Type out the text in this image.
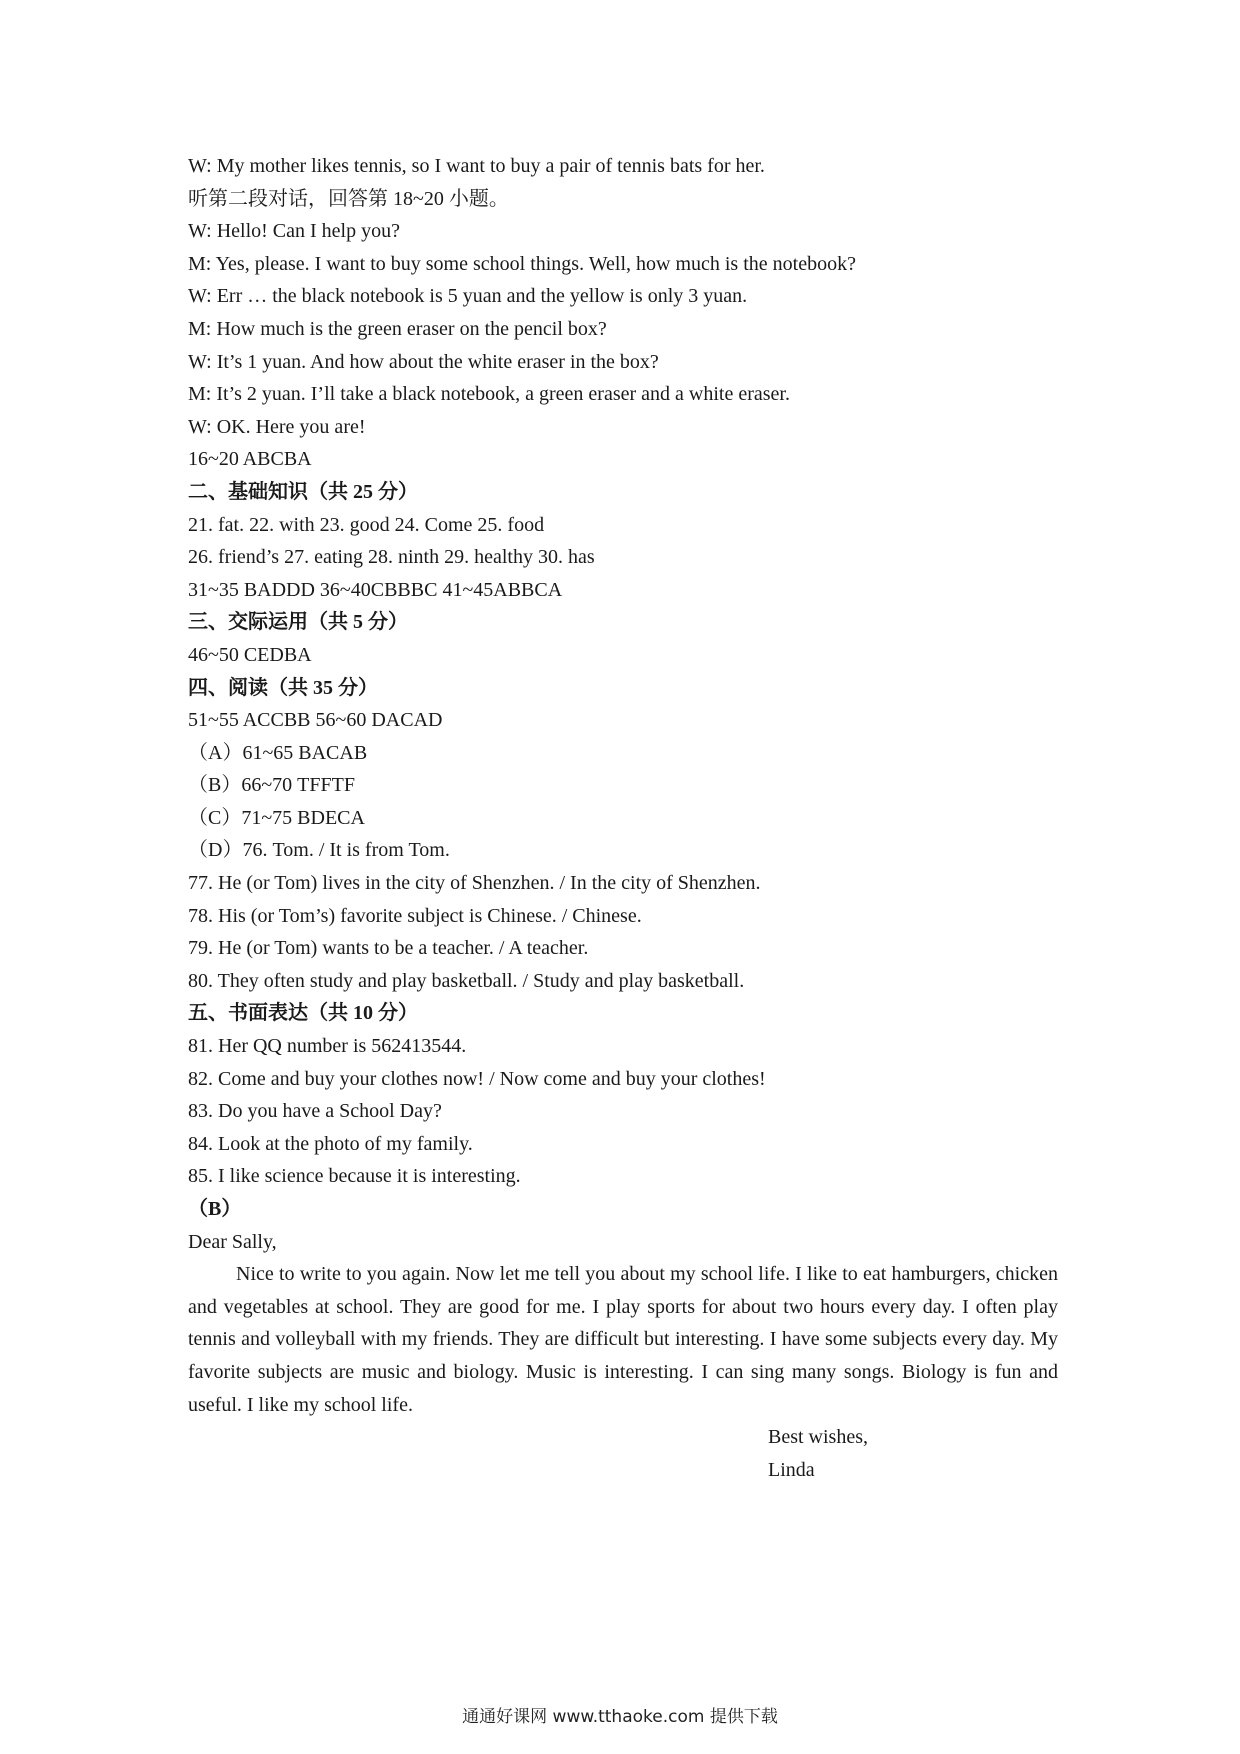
W: My mother likes tennis, so I want to buy a pair of tennis bats for her.
听第二段对话，回答第 18~20 小题。
W: Hello! Can I help you?
M: Yes, please. I want to buy some school things. Well, how much is the notebook?
W: Err … the black notebook is 5 yuan and the yellow is only 3 yuan.
M: How much is the green eraser on the pencil box?
W: It’s 1 yuan. And how about the white eraser in the box?
M: It’s 2 yuan. I’ll take a black notebook, a green eraser and a white eraser.
W: OK. Here you are!
16~20 ABCBA
二、基础知识（共 25 分）
21. fat. 22. with 23. good 24. Come 25. food
26. friend’s 27. eating 28. ninth 29. healthy 30. has
31~35 BADDD 36~40CBBBC 41~45ABBCA
三、交际运用（共 5 分）
46~50 CEDBA
四、阅读（共 35 分）
51~55 ACCBB 56~60 DACAD
（A）61~65 BACAB
（B）66~70 TFFTF
（C）71~75 BDECA
（D）76. Tom. / It is from Tom.
77. He (or Tom) lives in the city of Shenzhen. / In the city of Shenzhen.
78. His (or Tom’s) favorite subject is Chinese. / Chinese.
79. He (or Tom) wants to be a teacher. / A teacher.
80. They often study and play basketball. / Study and play basketball.
五、书面表达（共 10 分）
81. Her QQ number is 562413544.
82. Come and buy your clothes now! / Now come and buy your clothes!
83. Do you have a School Day?
84. Look at the photo of my family.
85. I like science because it is interesting.
（B）
Dear Sally,

Nice to write to you again. Now let me tell you about my school life. I like to eat hamburgers, chicken and vegetables at school. They are good for me. I play sports for about two hours every day. I often play tennis and volleyball with my friends. They are difficult but interesting. I have some subjects every day. My favorite subjects are music and biology. Music is interesting. I can sing many songs. Biology is fun and useful. I like my school life.

Best wishes,
Linda
通通好课网 www.tthaoke.com 提供下载
